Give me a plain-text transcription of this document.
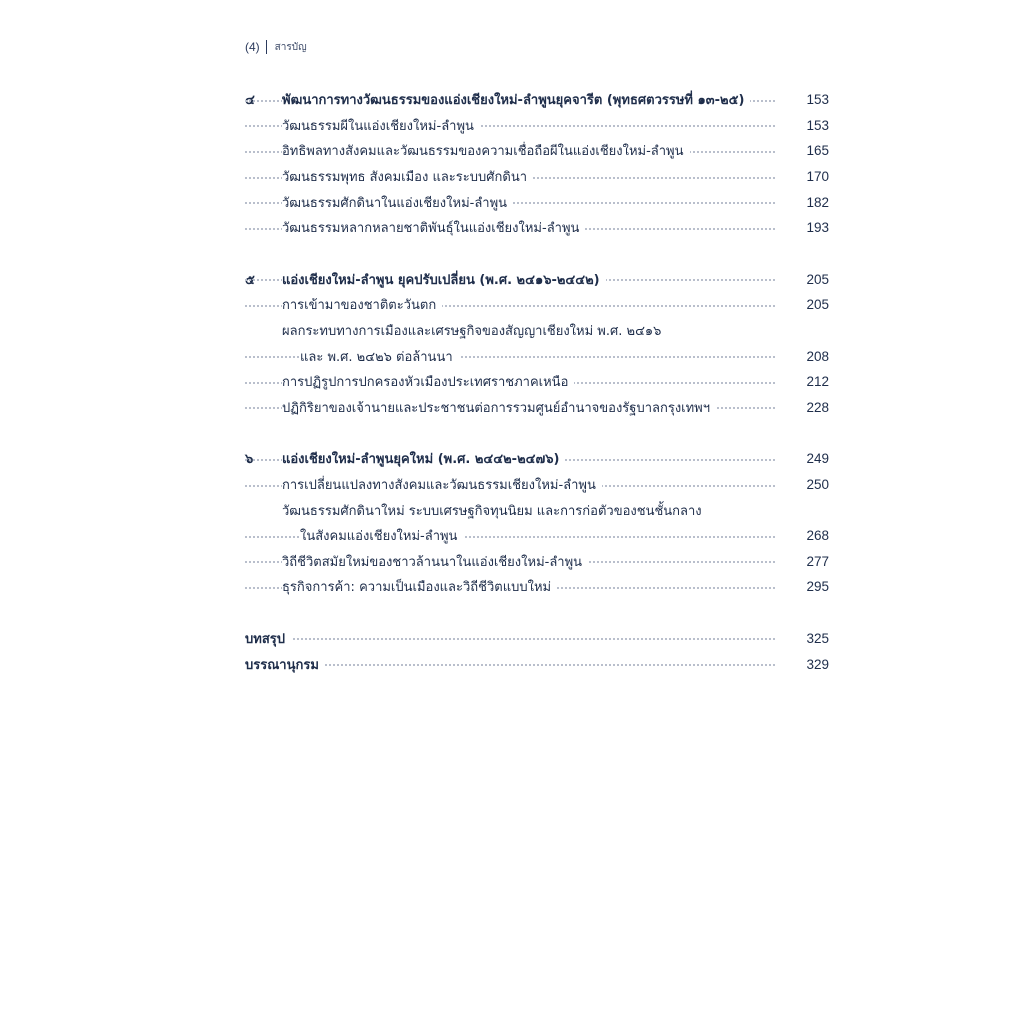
(4) สารบัญ
๔	พัฒนาการทางวัฒนธรรมของแอ่งเชียงใหม่-ลำพูนยุคจารีต (พุทธศตวรรษที่ ๑๓-๒๕)	153
วัฒนธรรมผีในแอ่งเชียงใหม่-ลำพูน	153
อิทธิพลทางสังคมและวัฒนธรรมของความเชื่อถือผีในแอ่งเชียงใหม่-ลำพูน	165
วัฒนธรรมพุทธ สังคมเมือง และระบบศักดินา	170
วัฒนธรรมศักดินาในแอ่งเชียงใหม่-ลำพูน	182
วัฒนธรรมหลากหลายชาติพันธุ์ในแอ่งเชียงใหม่-ลำพูน	193
๕	แอ่งเชียงใหม่-ลำพูน ยุคปรับเปลี่ยน (พ.ศ. ๒๔๑๖-๒๔๔๒)	205
การเข้ามาของชาติตะวันตก	205
ผลกระทบทางการเมืองและเศรษฐกิจของสัญญาเชียงใหม่ พ.ศ. ๒๔๑๖
และ พ.ศ. ๒๔๒๖ ต่อล้านนา	208
การปฏิรูปการปกครองหัวเมืองประเทศราชภาคเหนือ	212
ปฏิกิริยาของเจ้านายและประชาชนต่อการรวมศูนย์อำนาจของรัฐบาลกรุงเทพฯ	228
๖	แอ่งเชียงใหม่-ลำพูนยุคใหม่ (พ.ศ. ๒๔๔๒-๒๔๗๖)	249
การเปลี่ยนแปลงทางสังคมและวัฒนธรรมเชียงใหม่-ลำพูน	250
วัฒนธรรมศักดินาใหม่ ระบบเศรษฐกิจทุนนิยม และการก่อตัวของชนชั้นกลาง
ในสังคมแอ่งเชียงใหม่-ลำพูน	268
วิถีชีวิตสมัยใหม่ของชาวล้านนาในแอ่งเชียงใหม่-ลำพูน	277
ธุรกิจการค้า: ความเป็นเมืองและวิถีชีวิตแบบใหม่	295
บทสรุป	325
บรรณานุกรม	329
